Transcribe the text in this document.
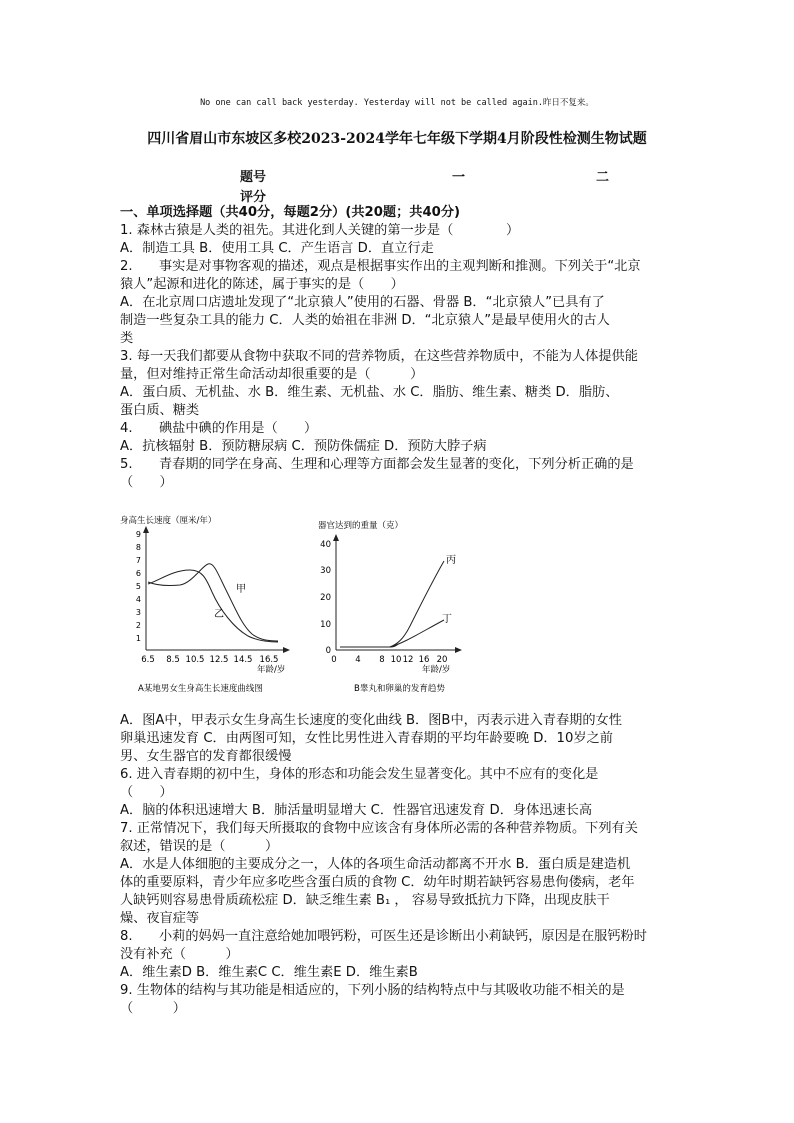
No one can call back yesterday. Yesterday will not be called again.昨日不复来。
四川省眉山市东坡区多校2023-2024学年七年级下学期4月阶段性检测生物试题
题号	一	二
评分

一、单项选择题（共40分，每题2分）(共20题；共40分)

1. 森林古猿是人类的祖先。其进化到人关键的第一步是（　　　　）

A．制造工具 B．使用工具 C．产生语言 D．直立行走

2.　　事实是对事物客观的描述，观点是根据事实作出的主观判断和推测。下列关于“北京

猿人”起源和进化的陈述，属于事实的是（　　）

A．在北京周口店遗址发现了“北京猿人”使用的石器、骨器 B．“北京猿人”已具有了

制造一些复杂工具的能力 C．人类的始祖在非洲 D．“北京猿人”是最早使用火的古人

类

3. 每一天我们都要从食物中获取不同的营养物质，在这些营养物质中，不能为人体提供能

量，但对维持正常生命活动却很重要的是（　　　）

A．蛋白质、无机盐、水 B．维生素、无机盐、水 C．脂肪、维生素、糖类 D．脂肪、

蛋白质、糖类

4.　　碘盐中碘的作用是（　　）

A．抗核辐射 B．预防糖尿病 C．预防侏儒症 D．预防大脖子病

5.　　青春期的同学在身高、生理和心理等方面都会发生显著的变化，下列分析正确的是

（　　）

身高生长速度（厘米/年）
1
2
3
4
5
6
7
8
9
6.5 8.5 10.5 12.5 14.5 16.5
年龄/岁
甲
乙
A某地男女生身高生长速度曲线图
器官达到的重量（克）
0
10
20
30
40
0 4 8 10 12 16 20
年龄/岁
丙
丁
B睾丸和卵巢的发育趋势

A．图A中，甲表示女生身高生长速度的变化曲线 B．图B中，丙表示进入青春期的女性

卵巢迅速发育 C．由两图可知，女性比男性进入青春期的平均年龄要晚 D．10岁之前

男、女生器官的发育都很缓慢

6. 进入青春期的初中生，身体的形态和功能会发生显著变化。其中不应有的变化是

（　　）

A．脑的体积迅速增大 B．肺活量明显增大 C．性器官迅速发育 D．身体迅速长高

7. 正常情况下，我们每天所摄取的食物中应该含有身体所必需的各种营养物质。下列有关

叙述，错误的是（　　　）

A．水是人体细胞的主要成分之一，人体的各项生命活动都离不开水 B．蛋白质是建造机

体的重要原料，青少年应多吃些含蛋白质的食物 C．幼年时期若缺钙容易患佝偻病，老年

人缺钙则容易患骨质疏松症 D．缺乏维生素 B₁ ， 容易导致抵抗力下降，出现皮肤干

燥、夜盲症等

8.　　小莉的妈妈一直注意给她加喂钙粉，可医生还是诊断出小莉缺钙，原因是在服钙粉时

没有补充（　　　）

A．维生素D B．维生素C C．维生素E D．维生素B

9. 生物体的结构与其功能是相适应的，下列小肠的结构特点中与其吸收功能不相关的是

（　　　）
